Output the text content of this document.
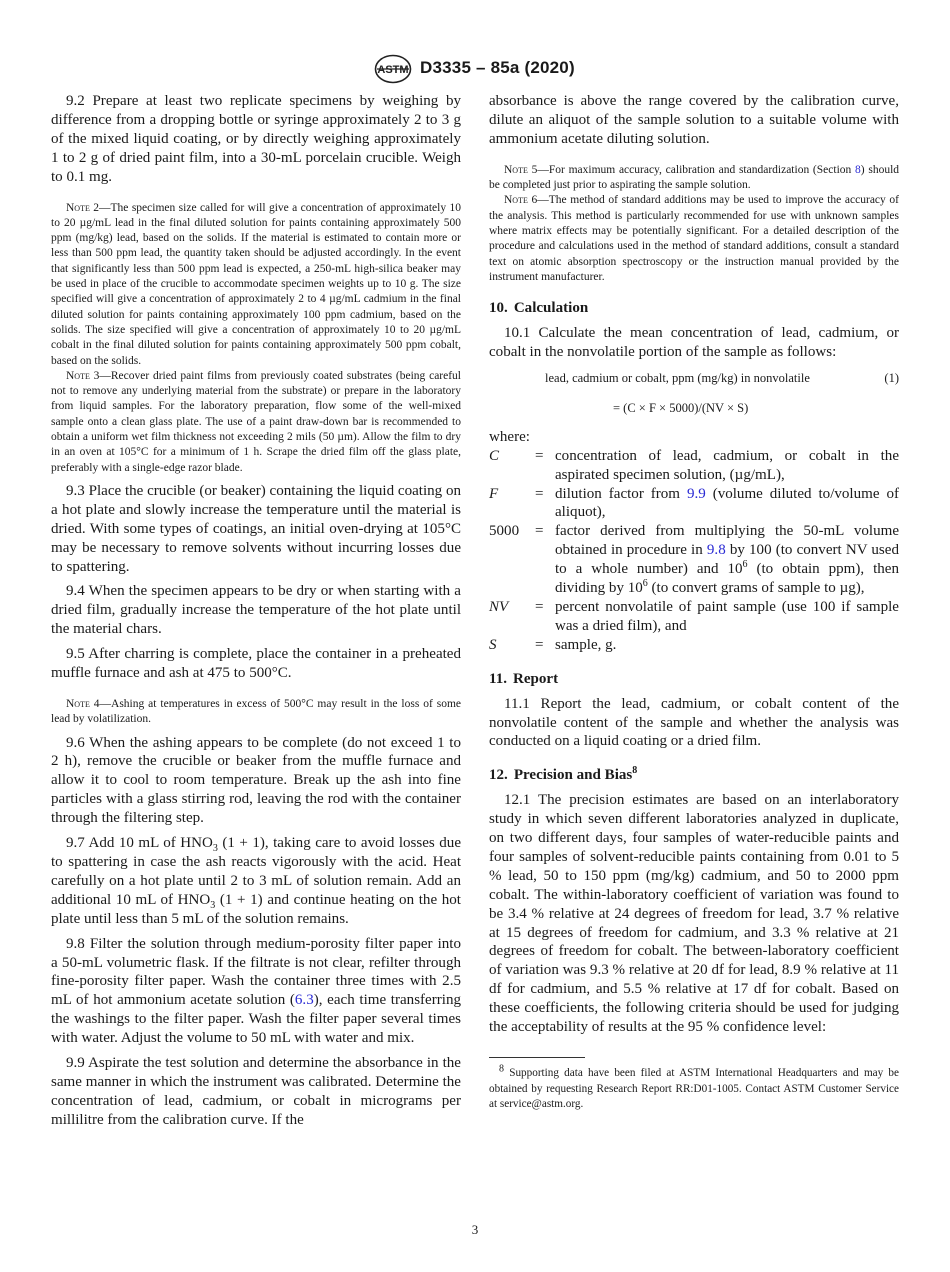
ASTM D3335 – 85a (2020)

9.2 Prepare at least two replicate specimens by weighing by difference from a dropping bottle or syringe approximately 2 to 3 g of the mixed liquid coating, or by directly weighing approximately 1 to 2 g of dried paint film, into a 30-mL porcelain crucible. Weigh to 0.1 mg.

Note 2—The specimen size called for will give a concentration of approximately 10 to 20 µg/mL lead in the final diluted solution for paints containing approximately 500 ppm (mg/kg) lead, based on the solids. If the material is estimated to contain more or less than 500 ppm lead, the quantity taken should be adjusted accordingly. In the event that significantly less than 500 ppm lead is expected, a 250-mL high-silica beaker may be used in place of the crucible to accommodate specimen weights up to 10 g. The size specified will give a concentration of approximately 2 to 4 µg/mL cadmium in the final diluted solution for paints containing approximately 100 ppm cadmium, based on the solids. The size specified will give a concentration of approximately 10 to 20 µg/mL cobalt in the final diluted solution for paints containing approximately 500 ppm cobalt, based on the solids.

Note 3—Recover dried paint films from previously coated substrates (being careful not to remove any underlying material from the substrate) or prepare in the laboratory from liquid samples. For the laboratory preparation, flow some of the well-mixed sample onto a clean glass plate. The use of a paint draw-down bar is recommended to obtain a uniform wet film thickness not exceeding 2 mils (50 µm). Allow the film to dry in an oven at 105°C for a minimum of 1 h. Scrape the dried film off the glass plate, preferably with a single-edge razor blade.

9.3 Place the crucible (or beaker) containing the liquid coating on a hot plate and slowly increase the temperature until the material is dried. With some types of coatings, an initial oven-drying at 105°C may be necessary to remove solvents without incurring losses due to spattering.

9.4 When the specimen appears to be dry or when starting with a dried film, gradually increase the temperature of the hot plate until the material chars.

9.5 After charring is complete, place the container in a preheated muffle furnace and ash at 475 to 500°C.

Note 4—Ashing at temperatures in excess of 500°C may result in the loss of some lead by volatilization.

9.6 When the ashing appears to be complete (do not exceed 1 to 2 h), remove the crucible or beaker from the muffle furnace and allow it to cool to room temperature. Break up the ash into fine particles with a glass stirring rod, leaving the rod with the container through the filtering step.

9.7 Add 10 mL of $HNO_3$ (1 + 1), taking care to avoid losses due to spattering in case the ash reacts vigorously with the acid. Heat carefully on a hot plate until 2 to 3 mL of solution remain. Add an additional 10 mL of $HNO_3$ (1 + 1) and continue heating on the hot plate until less than 5 mL of the solution remains.

9.8 Filter the solution through medium-porosity filter paper into a 50-mL volumetric flask. If the filtrate is not clear, refilter through fine-porosity filter paper. Wash the container three times with 2.5 mL of hot ammonium acetate solution (6.3), each time transferring the washings to the filter paper. Wash the filter paper several times with water. Adjust the volume to 50 mL with water and mix.

9.9 Aspirate the test solution and determine the absorbance in the same manner in which the instrument was calibrated. Determine the concentration of lead, cadmium, or cobalt in micrograms per millilitre from the calibration curve. If the

absorbance is above the range covered by the calibration curve, dilute an aliquot of the sample solution to a suitable volume with ammonium acetate diluting solution.

Note 5—For maximum accuracy, calibration and standardization (Section 8) should be completed just prior to aspirating the sample solution.

Note 6—The method of standard additions may be used to improve the accuracy of the analysis. This method is particularly recommended for use with unknown samples where matrix effects may be potentially significant. For a detailed description of the procedure and calculations used in the method of standard additions, consult a standard text on atomic absorption spectroscopy or the instruction manual provided by the instrument manufacturer.

10. Calculation

10.1 Calculate the mean concentration of lead, cadmium, or cobalt in the nonvolatile portion of the sample as follows:

lead, cadmium or cobalt, ppm (mg/kg) in nonvolatile	(1)
= (C × F × 5000)/(NV × S)

where:

C = concentration of lead, cadmium, or cobalt in the aspirated specimen solution, (µg/mL),
F = dilution factor from 9.9 (volume diluted to/volume of aliquot),
5000 = factor derived from multiplying the 50-mL volume obtained in procedure in 9.8 by 100 (to convert NV used to a whole number) and $10^6$ (to obtain ppm), then dividing by $10^6$ (to convert grams of sample to µg),
NV = percent nonvolatile of paint sample (use 100 if sample was a dried film), and
S	= sample, g.

11. Report

11.1 Report the lead, cadmium, or cobalt content of the nonvolatile content of the sample and whether the analysis was conducted on a liquid coating or a dried film.

12. Precision and Bias$^8$

12.1 The precision estimates are based on an interlaboratory study in which seven different laboratories analyzed in duplicate, on two different days, four samples of water-reducible paints and four samples of solvent-reducible paints containing from 0.01 to 5 % lead, 50 to 150 ppm (mg/kg) cadmium, and 50 to 2000 ppm cobalt. The within-laboratory coefficient of variation was found to be 3.4 % relative at 24 degrees of freedom for lead, 3.7 % relative at 15 degrees of freedom for cadmium, and 3.3 % relative at 21 degrees of freedom for cobalt. The between-laboratory coefficient of variation was 9.3 % relative at 20 df for lead, 8.9 % relative at 11 df for cadmium, and 5.5 % relative at 17 df for cobalt. Based on these coefficients, the following criteria should be used for judging the acceptability of results at the 95 % confidence level:

$^8$ Supporting data have been filed at ASTM International Headquarters and may be obtained by requesting Research Report RR:D01-1005. Contact ASTM Customer Service at service@astm.org.

3
